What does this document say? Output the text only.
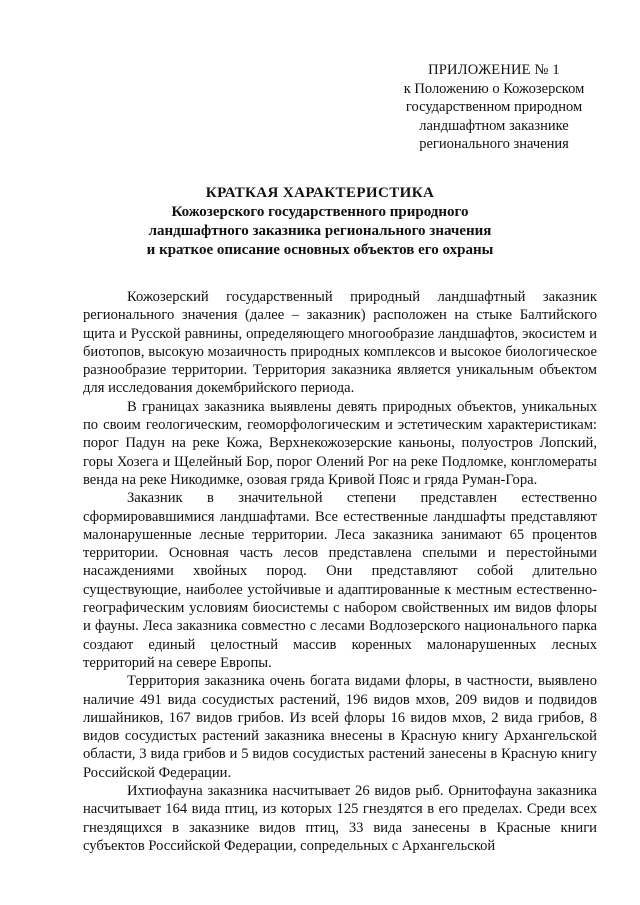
ПРИЛОЖЕНИЕ № 1
к Положению о Кожозерском
государственном природном
ландшафтном заказнике
регионального значения
КРАТКАЯ ХАРАКТЕРИСТИКА
Кожозерского государственного природного
ландшафтного заказника регионального значения
и краткое описание основных объектов его охраны

Кожозерский государственный природный ландшафтный заказник регионального значения (далее – заказник) расположен на стыке Балтийского щита и Русской равнины, определяющего многообразие ландшафтов, экосистем и биотопов, высокую мозаичность природных комплексов и высокое биологическое разнообразие территории. Территория заказника является уникальным объектом для исследования докембрийского периода.

В границах заказника выявлены девять природных объектов, уникальных по своим геологическим, геоморфологическим и эстетическим характеристикам: порог Падун на реке Кожа, Верхнекожозерские каньоны, полуостров Лопский, горы Хозега и Щелейный Бор, порог Олений Рог на реке Подломке, конгломераты венда на реке Никодимке, озовая гряда Кривой Пояс и гряда Руман-Гора.

Заказник в значительной степени представлен естественно сформировавшимися ландшафтами. Все естественные ландшафты представляют малонарушенные лесные территории. Леса заказника занимают 65 процентов территории. Основная часть лесов представлена спелыми и перестойными насаждениями хвойных пород. Они представляют собой длительно существующие, наиболее устойчивые и адаптированные к местным естественно-географическим условиям биосистемы с набором свойственных им видов флоры и фауны. Леса заказника совместно с лесами Водлозерского национального парка создают единый целостный массив коренных малонарушенных лесных территорий на севере Европы.

Территория заказника очень богата видами флоры, в частности, выявлено наличие 491 вида сосудистых растений, 196 видов мхов, 209 видов и подвидов лишайников, 167 видов грибов. Из всей флоры 16 видов мхов, 2 вида грибов, 8 видов сосудистых растений заказника внесены в Красную книгу Архангельской области, 3 вида грибов и 5 видов сосудистых растений занесены в Красную книгу Российской Федерации.

Ихтиофауна заказника насчитывает 26 видов рыб. Орнитофауна заказника насчитывает 164 вида птиц, из которых 125 гнездятся в его пределах. Среди всех гнездящихся в заказнике видов птиц, 33 вида занесены в Красные книги субъектов Российской Федерации, сопредельных с Архангельской
